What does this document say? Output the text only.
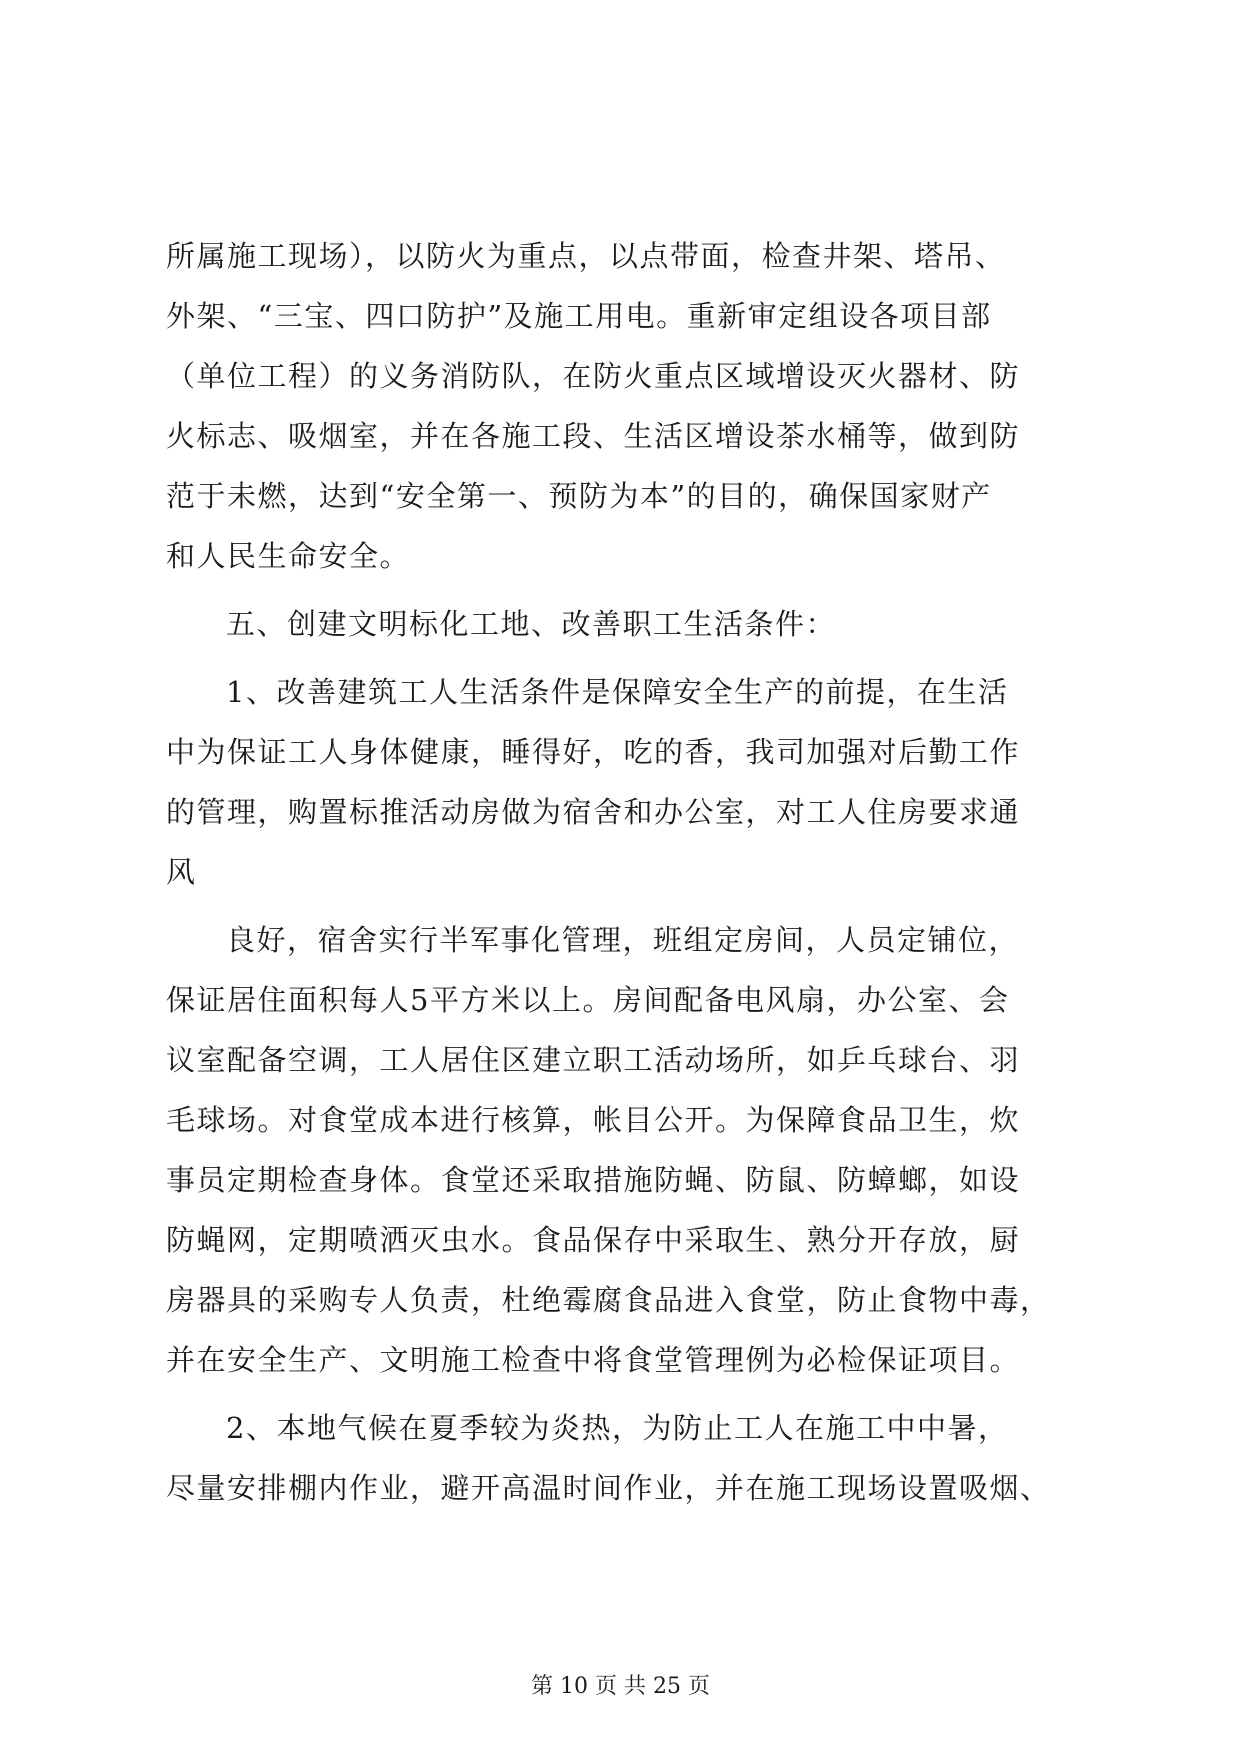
所属施工现场），以防火为重点，以点带面，检查井架、塔吊、
外架、“三宝、四口防护”及施工用电。重新审定组设各项目部
（单位工程）的义务消防队，在防火重点区域增设灭火器材、防
火标志、吸烟室，并在各施工段、生活区增设茶水桶等，做到防
范于未燃，达到“安全第一、预防为本”的目的，确保国家财产
和人民生命安全。
五、创建文明标化工地、改善职工生活条件：
1、改善建筑工人生活条件是保障安全生产的前提，在生活
中为保证工人身体健康，睡得好，吃的香，我司加强对后勤工作
的管理，购置标推活动房做为宿舍和办公室，对工人住房要求通
风
良好，宿舍实行半军事化管理，班组定房间，人员定铺位，
保证居住面积每人5平方米以上。房间配备电风扇，办公室、会
议室配备空调，工人居住区建立职工活动场所，如乒乓球台、羽
毛球场。对食堂成本进行核算，帐目公开。为保障食品卫生，炊
事员定期检查身体。食堂还采取措施防蝇、防鼠、防蟑螂，如设
防蝇网，定期喷洒灭虫水。食品保存中采取生、熟分开存放，厨
房器具的采购专人负责，杜绝霉腐食品进入食堂，防止食物中毒，
并在安全生产、文明施工检查中将食堂管理例为必检保证项目。
2、本地气候在夏季较为炎热，为防止工人在施工中中暑，
尽量安排棚内作业，避开高温时间作业，并在施工现场设置吸烟、
第 10 页 共 25 页
